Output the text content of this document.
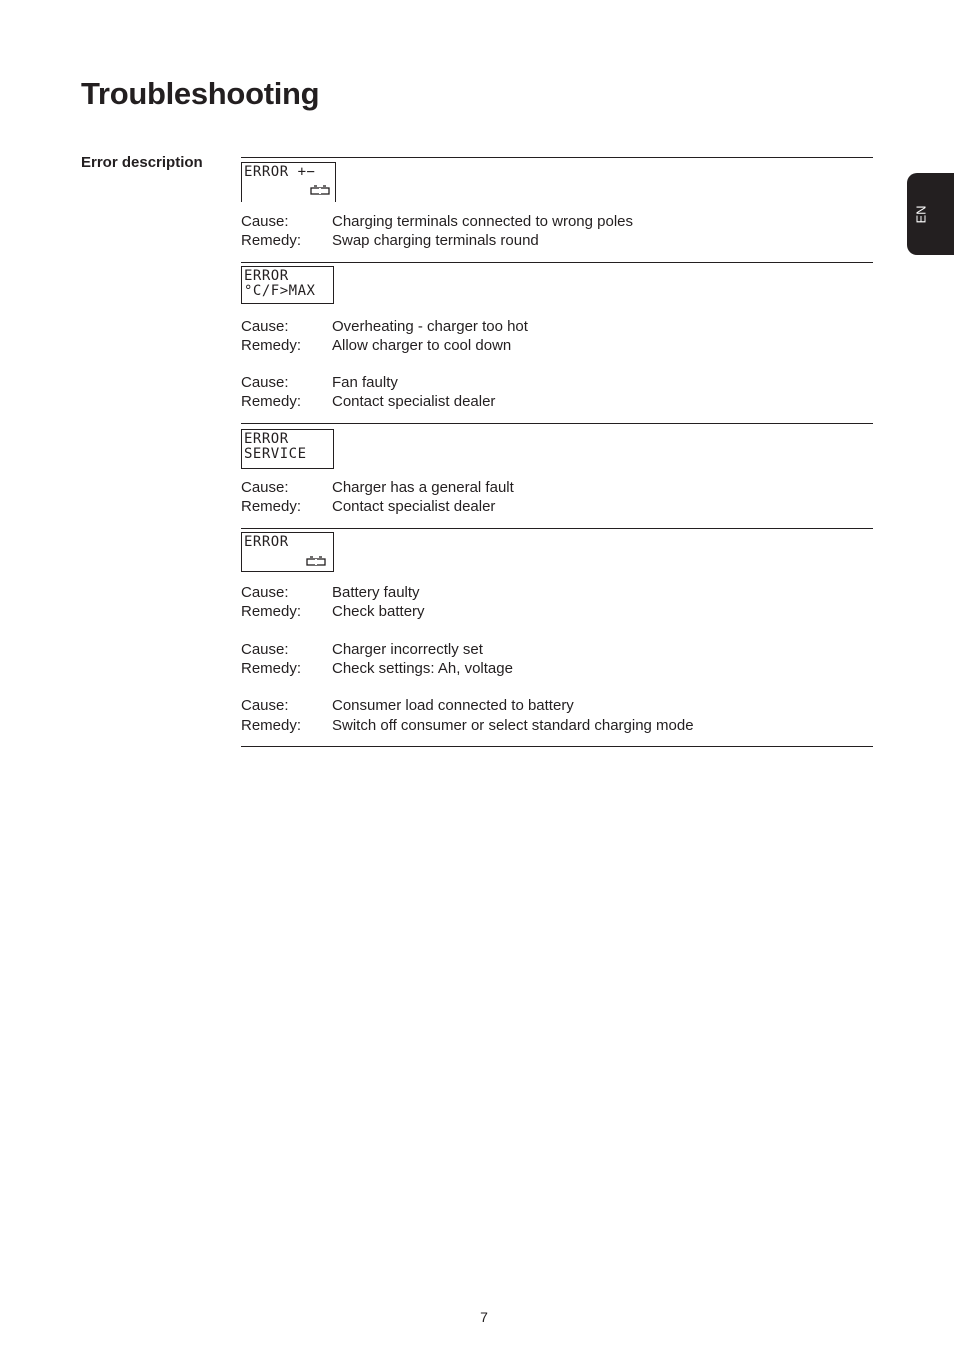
Troubleshooting
Error description
EN
ERROR +−
Cause:	Charging terminals connected to wrong poles
Remedy: Swap charging terminals round
ERROR
°C/F>MAX
Cause:	Overheating - charger too hot
Remedy: Allow charger to cool down
Cause:	Fan faulty
Remedy: Contact specialist dealer
ERROR
SERVICE
Cause:	Charger has a general fault
Remedy: Contact specialist dealer
ERROR
Cause:	Battery faulty
Remedy: Check battery
Cause:	Charger incorrectly set
Remedy: Check settings: Ah, voltage
Cause:	Consumer load connected to battery
Remedy: Switch off consumer or select standard charging mode
7
